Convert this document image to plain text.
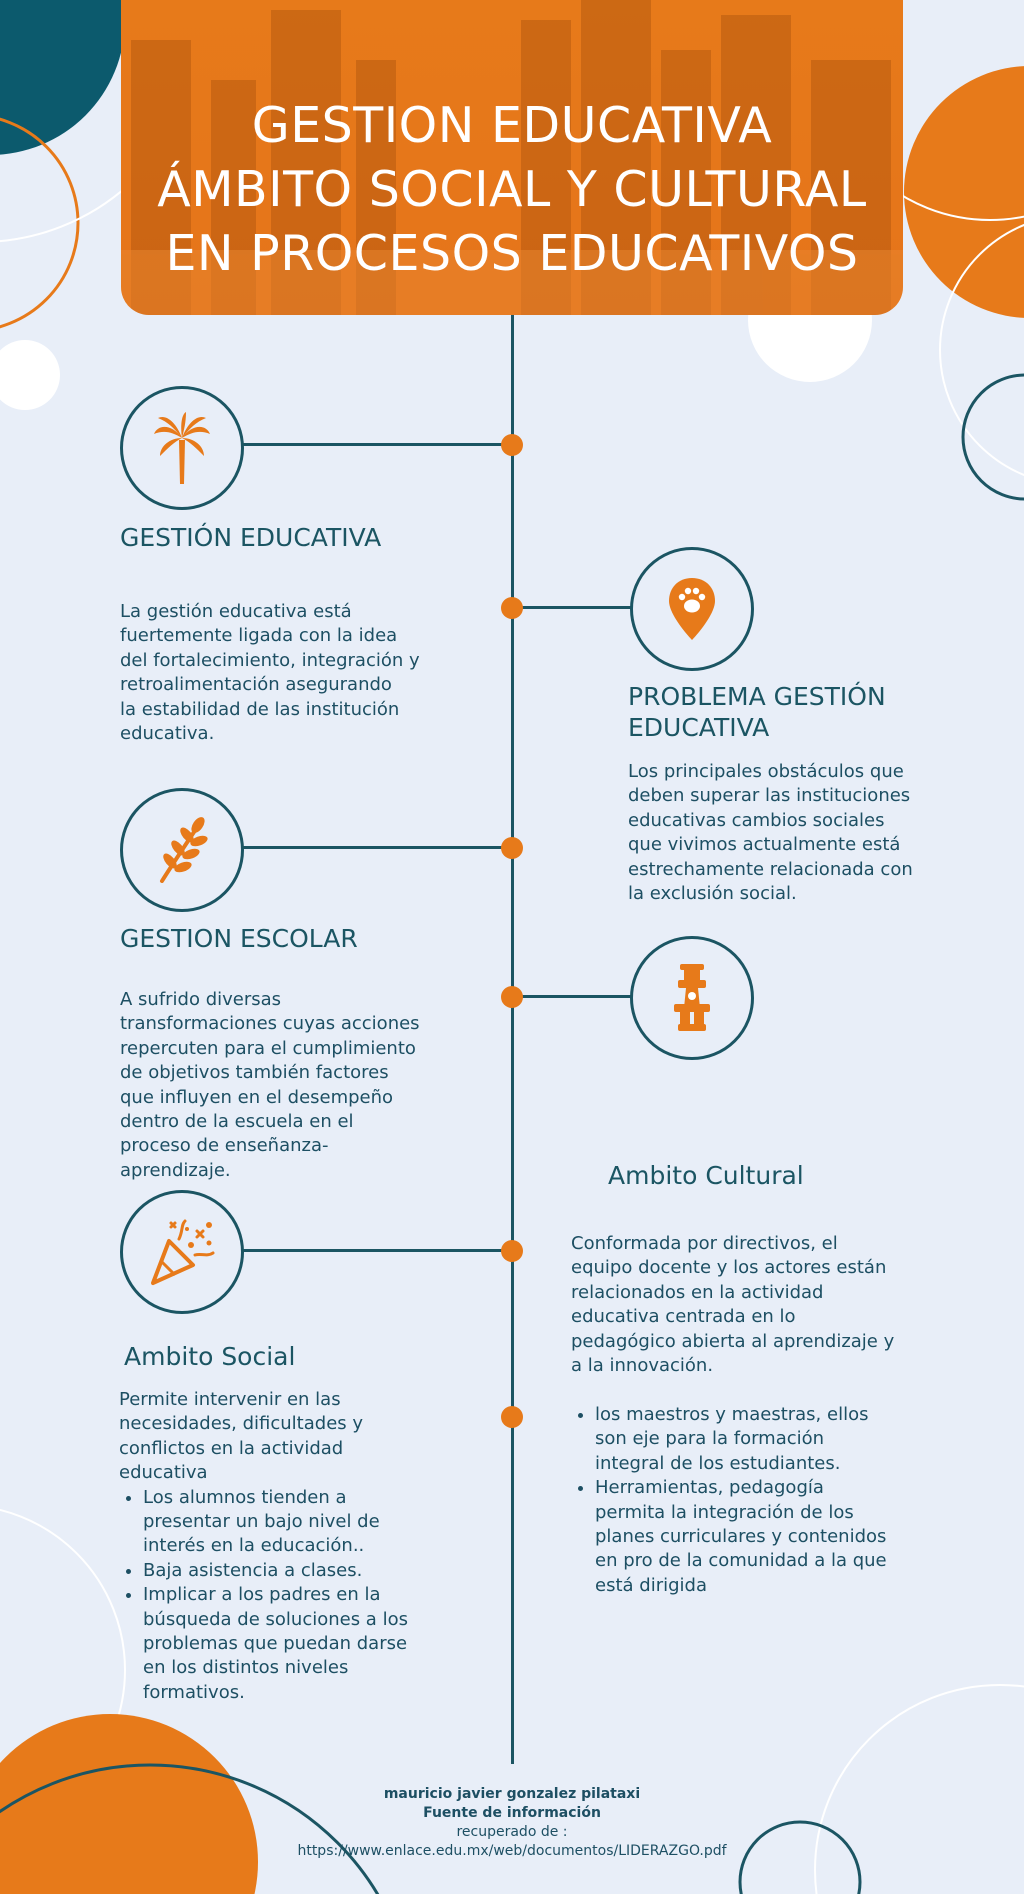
GESTION EDUCATIVA
ÁMBITO SOCIAL Y CULTURAL
EN PROCESOS EDUCATIVOS
GESTIÓN EDUCATIVA
La gestión educativa está
fuertemente ligada con la idea
del fortalecimiento, integración y
retroalimentación asegurando
la estabilidad de las institución
educativa.
PROBLEMA GESTIÓN
EDUCATIVA
Los principales obstáculos que
deben superar las instituciones
educativas cambios sociales
que vivimos actualmente está
estrechamente relacionada con
la exclusión social.
GESTION ESCOLAR
A sufrido diversas
transformaciones cuyas acciones
repercuten para el cumplimiento
de objetivos también factores
que influyen en el desempeño
dentro de la escuela en el
proceso de enseñanza-
aprendizaje.	Ambito Cultural
Conformada por directivos, el
equipo docente y los actores están
relacionados en la actividad
educativa centrada en lo
pedagógico abierta al aprendizaje y
a la innovación.
• los maestros y maestras, ellos
son eje para la formación
integral de los estudiantes.
• Herramientas, pedagogía
permita la integración de los
planes curriculares y contenidos
en pro de la comunidad a la que
está dirigida
Ambito Social
Permite intervenir en las
necesidades, dificultades y
conflictos en la actividad
educativa
• Los alumnos tienden a
presentar un bajo nivel de
interés en la educación..
• Baja asistencia a clases.
• Implicar a los padres en la
búsqueda de soluciones a los
problemas que puedan darse
en los distintos niveles
formativos.
mauricio javier gonzalez pilataxi
Fuente de información
recuperado de :
https://www.enlace.edu.mx/web/documentos/LIDERAZGO.pdf
